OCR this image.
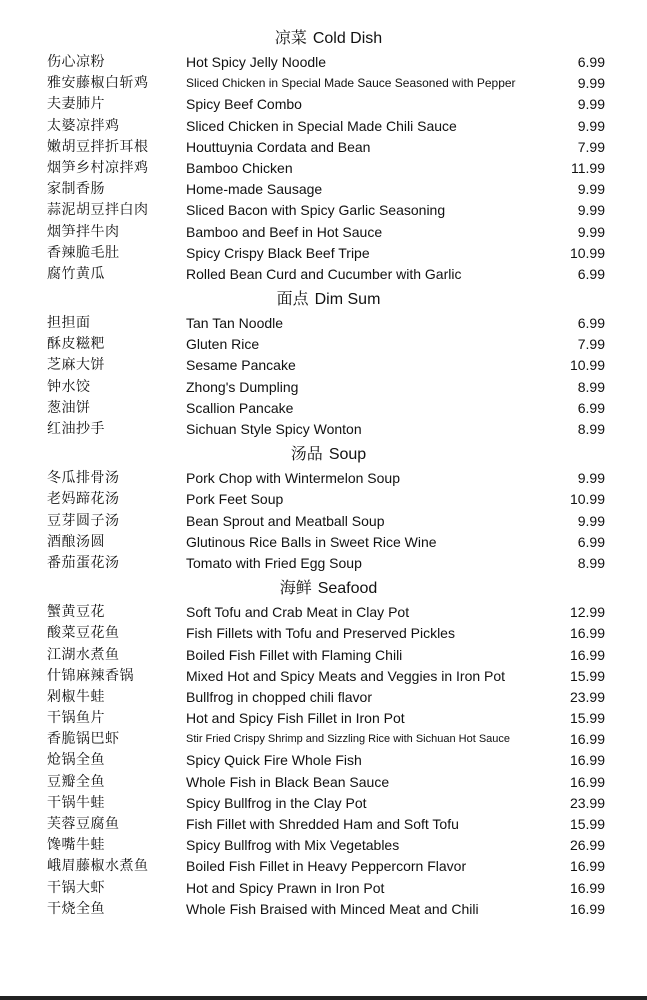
凉菜 Cold Dish
伤心凉粉	Hot Spicy Jelly Noodle	6.99
雅安藤椒白斩鸡	Sliced Chicken in Special Made Sauce Seasoned with Pepper	9.99
夫妻肺片	Spicy Beef Combo	9.99
太婆凉拌鸡	Sliced Chicken in Special Made Chili Sauce	9.99
嫩胡豆拌折耳根	Houttuynia Cordata and Bean	7.99
烟笋乡村凉拌鸡	Bamboo Chicken	11.99
家制香肠	Home-made Sausage	9.99
蒜泥胡豆拌白肉	Sliced Bacon with Spicy Garlic Seasoning	9.99
烟笋拌牛肉	Bamboo and Beef in Hot Sauce	9.99
香辣脆毛肚	Spicy Crispy Black Beef Tripe	10.99
腐竹黄瓜	Rolled Bean Curd and Cucumber with Garlic	6.99
面点 Dim Sum
担担面	Tan Tan Noodle	6.99
酥皮糍粑	Gluten Rice	7.99
芝麻大饼	Sesame Pancake	10.99
钟水饺	Zhong's Dumpling	8.99
葱油饼	Scallion Pancake	6.99
红油抄手	Sichuan Style Spicy Wonton	8.99
汤品 Soup
冬瓜排骨汤	Pork Chop with Wintermelon Soup	9.99
老妈蹄花汤	Pork Feet Soup	10.99
豆芽圆子汤	Bean Sprout and Meatball Soup	9.99
酒酿汤圆	Glutinous Rice Balls in Sweet Rice Wine	6.99
番茄蛋花汤	Tomato with Fried Egg Soup	8.99
海鲜 Seafood
蟹黄豆花	Soft Tofu and Crab Meat in Clay Pot	12.99
酸菜豆花鱼	Fish Fillets with Tofu and Preserved Pickles	16.99
江湖水煮鱼	Boiled Fish Fillet with Flaming Chili	16.99
什锦麻辣香锅	Mixed Hot and Spicy Meats and Veggies in Iron Pot	15.99
剁椒牛蛙	Bullfrog in chopped chili flavor	23.99
干锅鱼片	Hot and Spicy Fish Fillet in Iron Pot	15.99
香脆锅巴虾	Stir Fried Crispy Shrimp and Sizzling Rice with Sichuan Hot Sauce	16.99
炝锅全鱼	Spicy Quick Fire Whole Fish	16.99
豆瓣全鱼	Whole Fish in Black Bean Sauce	16.99
干锅牛蛙	Spicy Bullfrog in the Clay Pot	23.99
芙蓉豆腐鱼	Fish Fillet with Shredded Ham and Soft Tofu	15.99
馋嘴牛蛙	Spicy Bullfrog with Mix Vegetables	26.99
峨眉藤椒水煮鱼	Boiled Fish Fillet in Heavy Peppercorn Flavor	16.99
干锅大虾	Hot and Spicy Prawn in Iron Pot	16.99
干烧全鱼	Whole Fish Braised with Minced Meat and Chili	16.99
